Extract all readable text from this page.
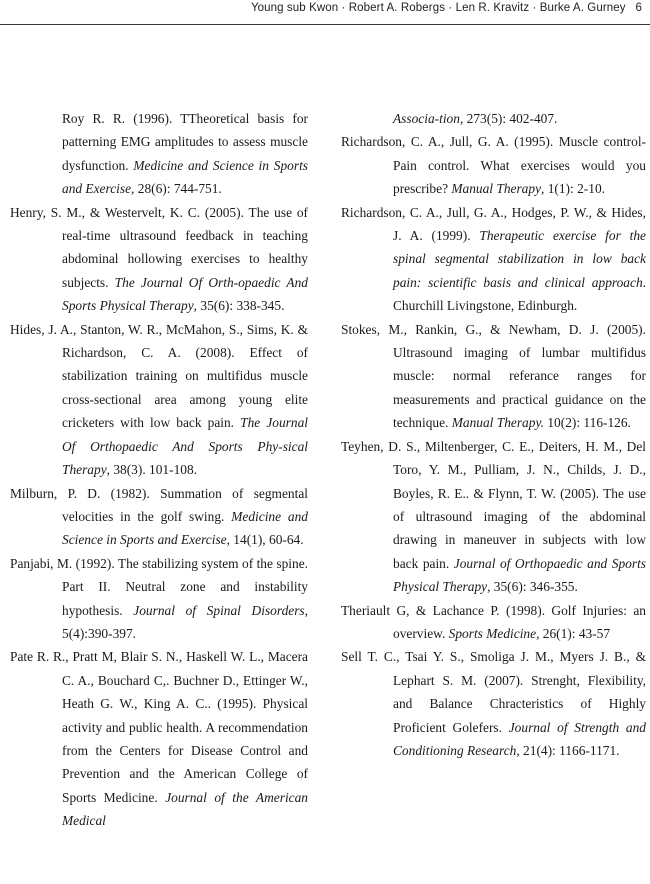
Young sub Kwon · Robert A. Robergs · Len R. Kravitz · Burke A. Gurney 6

Roy R. R. (1996). TTheoretical basis for patterning EMG amplitudes to assess muscle dysfunction. Medicine and Science in Sports and Exercise, 28(6): 744-751.

Henry, S. M., & Westervelt, K. C. (2005). The use of real-time ultrasound feedback in teaching abdominal hollowing exercises to healthy subjects. The Journal Of Orth-opaedic And Sports Physical Therapy, 35(6): 338-345.

Hides, J. A., Stanton, W. R., McMahon, S., Sims, K. & Richardson, C. A. (2008). Effect of stabilization training on multifidus muscle cross-sectional area among young elite cricketers with low back pain. The Journal Of Orthopaedic And Sports Phy-sical Therapy, 38(3). 101-108.

Milburn, P. D. (1982). Summation of segmental velocities in the golf swing. Medicine and Science in Sports and Exercise, 14(1), 60-64.

Panjabi, M. (1992). The stabilizing system of the spine. Part II. Neutral zone and instability hypothesis. Journal of Spinal Disorders, 5(4):390-397.

Pate R. R., Pratt M, Blair S. N., Haskell W. L., Macera C. A., Bouchard C,. Buchner D., Ettinger W., Heath G. W., King A. C.. (1995). Physical activity and public health. A recommendation from the Centers for Disease Control and Prevention and the American College of Sports Medicine. Journal of the American Medical

Associa-tion, 273(5): 402-407.

Richardson, C. A., Jull, G. A. (1995). Muscle control-Pain control. What exercises would you prescribe? Manual Therapy, 1(1): 2-10.

Richardson, C. A., Jull, G. A., Hodges, P. W., & Hides, J. A. (1999). Therapeutic exercise for the spinal segmental stabilization in low back pain: scientific basis and clinical approach. Churchill Livingstone, Edinburgh.

Stokes, M., Rankin, G., & Newham, D. J. (2005). Ultrasound imaging of lumbar multifidus muscle: normal referance ranges for measurements and practical guidance on the technique. Manual Therapy. 10(2): 116-126.

Teyhen, D. S., Miltenberger, C. E., Deiters, H. M., Del Toro, Y. M., Pulliam, J. N., Childs, J. D., Boyles, R. E.. & Flynn, T. W. (2005). The use of ultrasound imaging of the abdominal drawing in maneuver in subjects with low back pain. Journal of Orthopaedic and Sports Physical Therapy, 35(6): 346-355.

Theriault G, & Lachance P. (1998). Golf Injuries: an overview. Sports Medicine, 26(1): 43-57

Sell T. C., Tsai Y. S., Smoliga J. M., Myers J. B., & Lephart S. M. (2007). Strenght, Flexibility, and Balance Chracteristics of Highly Proficient Golefers. Journal of Strength and Conditioning Research, 21(4): 1166-1171.
